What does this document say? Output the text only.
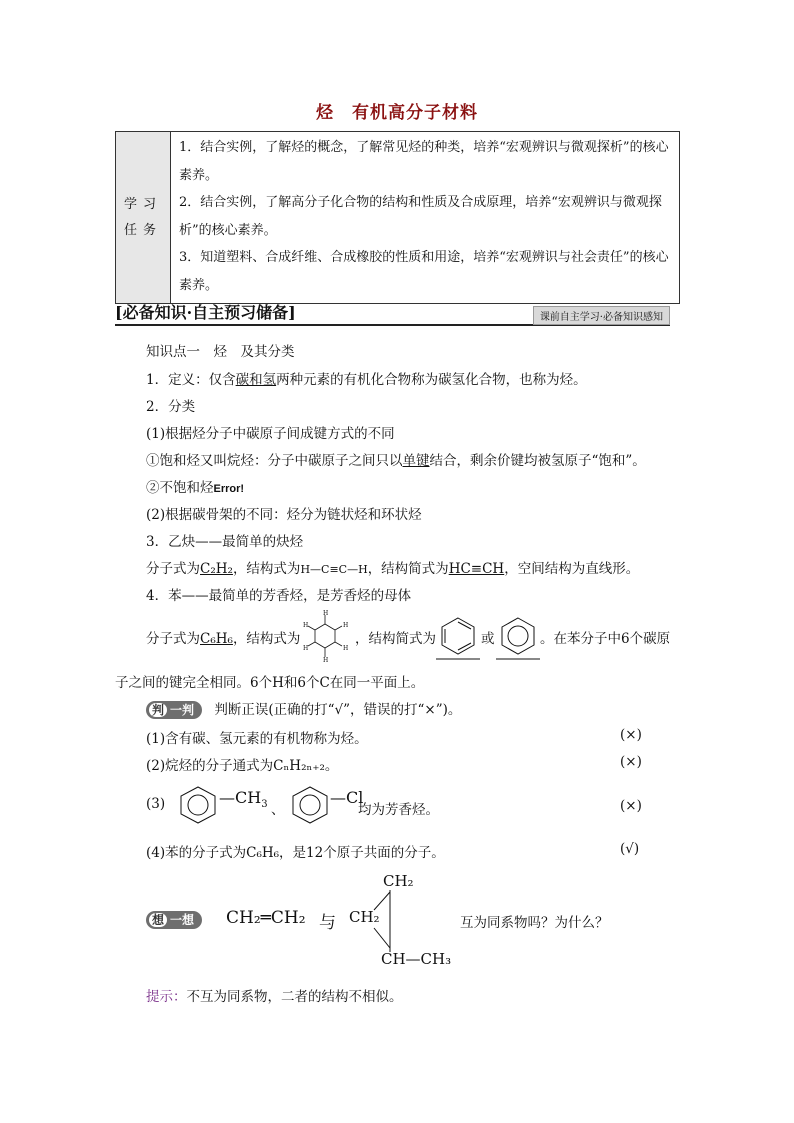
烃　有机高分子材料
学习
任务

1．结合实例，了解烃的概念，了解常见烃的种类，培养“宏观辨识与微观探析”的核心素养。
2．结合实例，了解高分子化合物的结构和性质及合成原理，培养“宏观辨识与微观探析”的核心素养。
3．知道塑料、合成纤维、合成橡胶的性质和用途，培养“宏观辨识与社会责任”的核心素养。
[必备知识·自主预习储备]	课前自主学习·必备知识感知
知识点一　烃　及其分类
1．定义：仅含碳和氢两种元素的有机化合物称为碳氢化合物，也称为烃。
2．分类
(1)根据烃分子中碳原子间成键方式的不同
①饱和烃又叫烷烃：分子中碳原子之间只以单键结合，剩余价键均被氢原子“饱和”。
②不饱和烃Error!
(2)根据碳骨架的不同：烃分为链状烃和环状烃
3．乙炔——最简单的炔烃
分子式为C₂H₂，结构式为H—C≡C—H，结构简式为HC≡CH，空间结构为直线形。
4．苯——最简单的芳香烃，是芳香烃的母体
分子式为C₆H₆，结构式为
H
H
H	H
H	H
，结构简式为	或	。在苯分子中6个碳原
子之间的键完全相同。6个H和6个C在同一平面上。
判 一判 判断正误(正确的打“√”，错误的打“×”)。
(1)含有碳、氢元素的有机物称为烃。	(×)
(2)烷烃的分子通式为CₙH₂ₙ₊₂。	(×)
(3)	$—CH_3$ 、
—Cl
均为芳香烃。	(×)
(4)苯的分子式为C₆H₆，是12个原子共面的分子。	(√)
想 一想	CH₂═CH₂ 与
CH₂
CH₂
CH—CH₃
互为同系物吗？为什么？
提示：不互为同系物，二者的结构不相似。
